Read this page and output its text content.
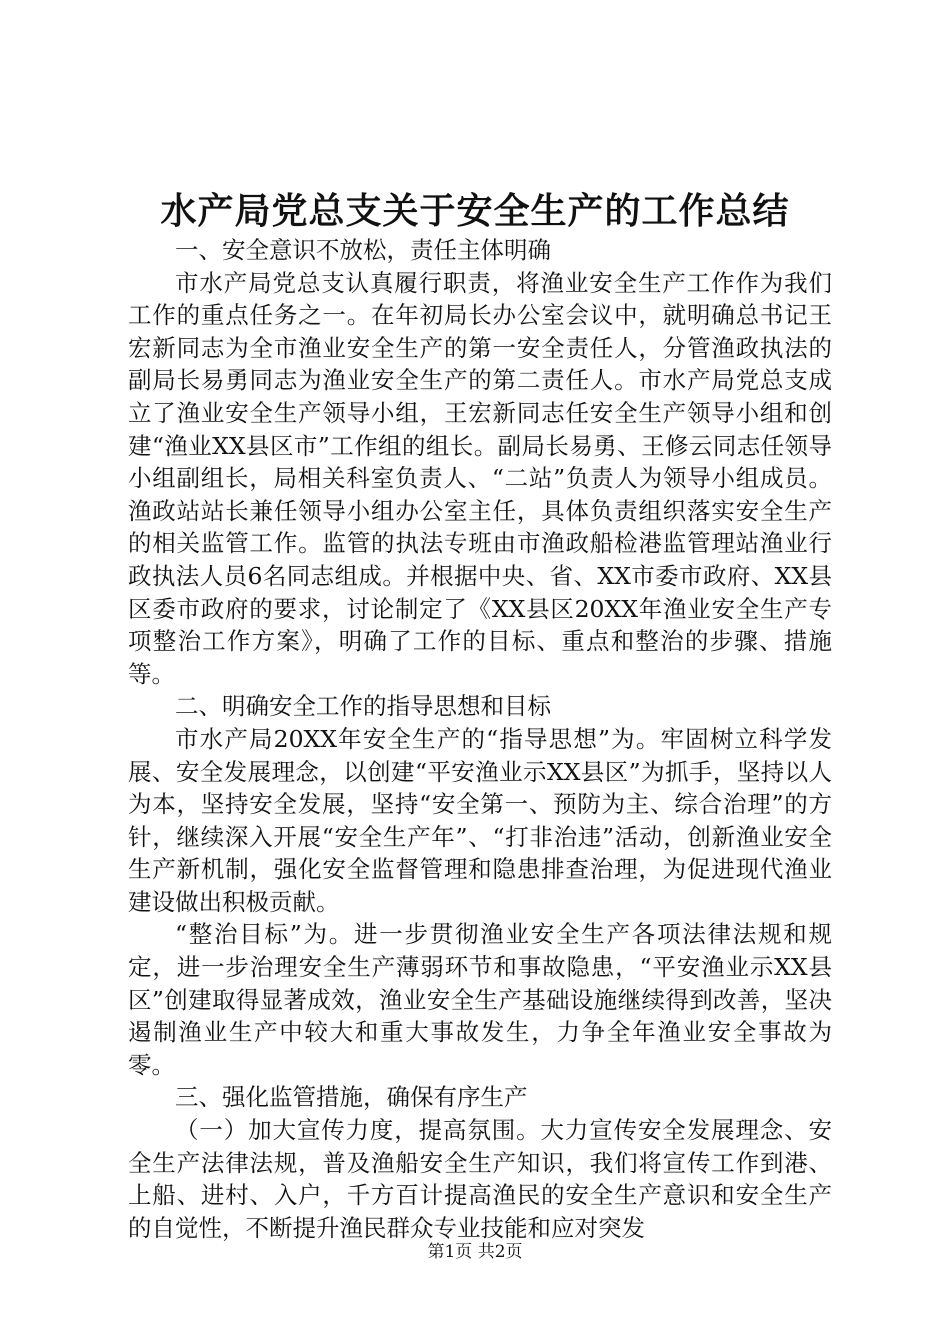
水产局党总支关于安全生产的工作总结

一、安全意识不放松，责任主体明确

市水产局党总支认真履行职责，将渔业安全生产工作作为我们工作的重点任务之一。在年初局长办公室会议中，就明确总书记王宏新同志为全市渔业安全生产的第一安全责任人，分管渔政执法的副局长易勇同志为渔业安全生产的第二责任人。市水产局党总支成立了渔业安全生产领导小组，王宏新同志任安全生产领导小组和创建“渔业XX县区市”工作组的组长。副局长易勇、王修云同志任领导小组副组长，局相关科室负责人、“二站”负责人为领导小组成员。渔政站站长兼任领导小组办公室主任，具体负责组织落实安全生产的相关监管工作。监管的执法专班由市渔政船检港监管理站渔业行政执法人员6名同志组成。并根据中央、省、XX市委市政府、XX县区委市政府的要求，讨论制定了《XX县区20XX年渔业安全生产专项整治工作方案》，明确了工作的目标、重点和整治的步骤、措施等。

二、明确安全工作的指导思想和目标

市水产局20XX年安全生产的“指导思想”为。牢固树立科学发展、安全发展理念，以创建“平安渔业示XX县区”为抓手，坚持以人为本，坚持安全发展，坚持“安全第一、预防为主、综合治理”的方针，继续深入开展“安全生产年”、“打非治违”活动，创新渔业安全生产新机制，强化安全监督管理和隐患排查治理，为促进现代渔业建设做出积极贡献。

“整治目标”为。进一步贯彻渔业安全生产各项法律法规和规定，进一步治理安全生产薄弱环节和事故隐患，“平安渔业示XX县区”创建取得显著成效，渔业安全生产基础设施继续得到改善，坚决遏制渔业生产中较大和重大事故发生，力争全年渔业安全事故为零。

三、强化监管措施，确保有序生产

（一）加大宣传力度，提高氛围。大力宣传安全发展理念、安全生产法律法规，普及渔船安全生产知识，我们将宣传工作到港、上船、进村、入户，千方百计提高渔民的安全生产意识和安全生产的自觉性，不断提升渔民群众专业技能和应对突发

第1页 共2页
